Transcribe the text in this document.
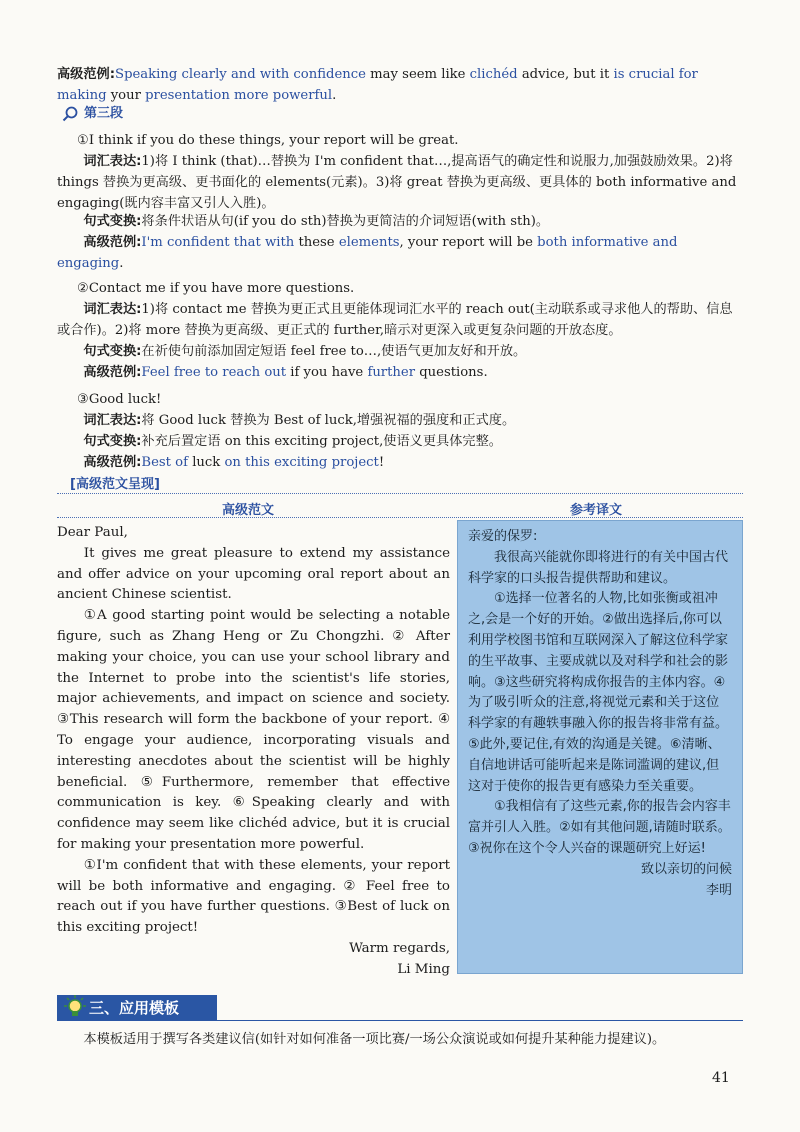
高级范例:Speaking clearly and with confidence may seem like clichéd advice, but it is crucial for making your presentation more powerful.

第三段

①I think if you do these things, your report will be great.

词汇表达:1)将 I think (that)…替换为 I'm confident that…,提高语气的确定性和说服力,加强鼓励效果。2)将 things 替换为更高级、更书面化的 elements(元素)。3)将 great 替换为更高级、更具体的 both informative and engaging(既内容丰富又引人入胜)。

句式变换:将条件状语从句(if you do sth)替换为更简洁的介词短语(with sth)。

高级范例:I'm confident that with these elements, your report will be both informative and engaging.

②Contact me if you have more questions.

词汇表达:1)将 contact me 替换为更正式且更能体现词汇水平的 reach out(主动联系或寻求他人的帮助、信息或合作)。2)将 more 替换为更高级、更正式的 further,暗示对更深入或更复杂问题的开放态度。

句式变换:在祈使句前添加固定短语 feel free to…,使语气更加友好和开放。

高级范例:Feel free to reach out if you have further questions.

③Good luck!

词汇表达:将 Good luck 替换为 Best of luck,增强祝福的强度和正式度。

句式变换:补充后置定语 on this exciting project,使语义更具体完整。

高级范例:Best of luck on this exciting project!

[高级范文呈现]
高级范文	参考译文

Dear Paul,

It gives me great pleasure to extend my assistance and offer advice on your upcoming oral report about an ancient Chinese scientist.

①A good starting point would be selecting a notable figure, such as Zhang Heng or Zu Chongzhi. ② After making your choice, you can use your school library and the Internet to probe into the scientist's life stories, major achievements, and impact on science and society. ③This research will form the backbone of your report. ④ To engage your audience, incorporating visuals and interesting anecdotes about the scientist will be highly beneficial. ⑤Furthermore, remember that effective communication is key. ⑥Speaking clearly and with confidence may seem like clichéd advice, but it is crucial for making your presentation more powerful.

①I'm confident that with these elements, your report will be both informative and engaging. ② Feel free to reach out if you have further questions. ③Best of luck on this exciting project!

Warm regards,

Li Ming

亲爱的保罗:

我很高兴能就你即将进行的有关中国古代科学家的口头报告提供帮助和建议。

①选择一位著名的人物,比如张衡或祖冲之,会是一个好的开始。②做出选择后,你可以利用学校图书馆和互联网深入了解这位科学家的生平故事、主要成就以及对科学和社会的影响。③这些研究将构成你报告的主体内容。④为了吸引听众的注意,将视觉元素和关于这位科学家的有趣轶事融入你的报告将非常有益。⑤此外,要记住,有效的沟通是关键。⑥清晰、自信地讲话可能听起来是陈词滥调的建议,但这对于使你的报告更有感染力至关重要。

①我相信有了这些元素,你的报告会内容丰富并引人入胜。②如有其他问题,请随时联系。③祝你在这个令人兴奋的课题研究上好运!

致以亲切的问候

李明

三、应用模板

本模板适用于撰写各类建议信(如针对如何准备一项比赛/一场公众演说或如何提升某种能力提建议)。

41
